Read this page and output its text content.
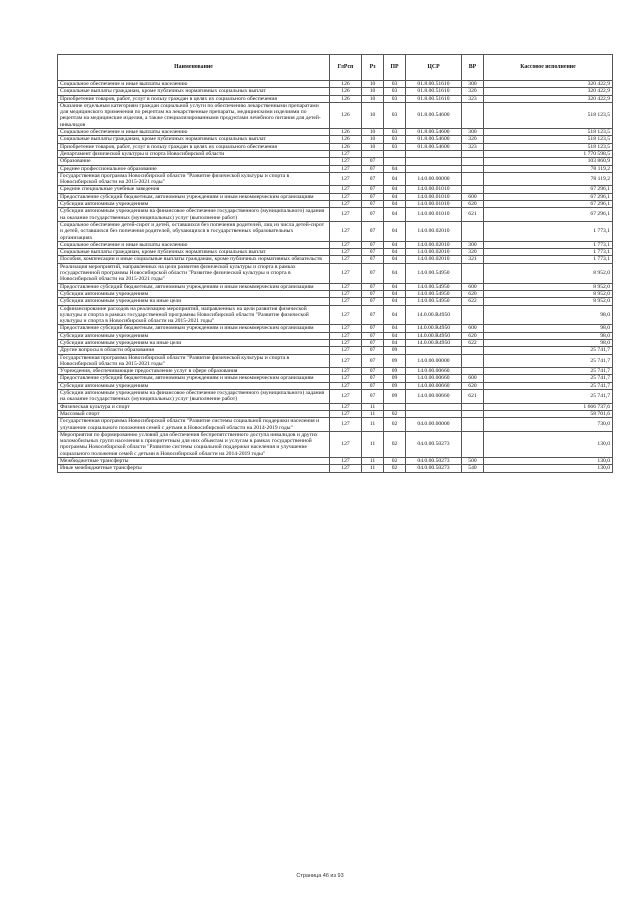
Наименование	ГлРсп	Рз	ПР	ЦСР	ВР	Кассовое исполнение
Социальное обеспечение и иные выплаты населению	126	10	03	01.8.00.51610	300	320 422,9
Социальные выплаты гражданам, кроме публичных нормативных социальных выплат	126	10	03	01.8.00.51610	320	320 422,9
Приобретение товаров, работ, услуг в пользу граждан в целях их социального обеспечения	126	10	03	01.8.00.51610	323	320 422,9
Оказание отдельным категориям граждан социальной услуги по обеспечению лекарственными препаратами для медицинского применения по рецептам на лекарственные препараты, медицинскими изделиями по рецептам на медицинские изделия, а также специализированными продуктами лечебного питания для детей-инвалидов	126	10	03	01.8.00.54600		518 123,5
Социальное обеспечение и иные выплаты населению	126	10	03	01.8.00.54600	300	518 123,5
Социальные выплаты гражданам, кроме публичных нормативных социальных выплат	126	10	03	01.8.00.54600	320	518 123,5
Приобретение товаров, работ, услуг в пользу граждан в целях их социального обеспечения	126	10	03	01.8.00.54600	323	518 123,5
Департамент физической культуры и спорта Новосибирской области	127					1 770 598,5
Образование	127	07				103 860,9
Среднее профессиональное образование	127	07	04			78 119,2
Государственная программа Новосибирской области "Развитие физической культуры и спорта в Новосибирской области на 2015-2021 годы"	127	07	04	14.0.00.00000		78 119,2
Средние специальные учебные заведения	127	07	04	14.0.00.01010		67 296,1
Предоставление субсидий бюджетным, автономным учреждениям и иным некоммерческим организациям	127	07	04	14.0.00.01010	600	67 296,1
Субсидии автономным учреждениям	127	07	04	14.0.00.01010	620	67 296,1
Субсидии автономным учреждениям на финансовое обеспечение государственного (муниципального) задания на оказание государственных (муниципальных) услуг (выполнение работ)	127	07	04	14.0.00.01010	621	67 296,1
Социальное обеспечение детей-сирот и детей, оставшихся без попечения родителей, лиц из числа детей-сирот и детей, оставшихся без попечения родителей, обучающихся в государственных образовательных организациях	127	07	04	14.0.00.02010		1 773,1
Социальное обеспечение и иные выплаты населению	127	07	04	14.0.00.02010	300	1 773,1
Социальные выплаты гражданам, кроме публичных нормативных социальных выплат	127	07	04	14.0.00.02010	320	1 773,1
Пособия, компенсации и иные социальные выплаты гражданам, кроме публичных нормативных обязательств	127	07	04	14.0.00.02010	321	1 773,1
Реализация мероприятий, направленных на цели развития физической культуры и спорта в рамках государственной программы Новосибирской области "Развитие физической культуры и спорта в Новосибирской области на 2015-2021 годы"	127	07	04	14.0.00.54950		8 952,0
Предоставление субсидий бюджетным, автономным учреждениям и иным некоммерческим организациям	127	07	04	14.0.00.54950	600	8 952,0
Субсидии автономным учреждениям	127	07	04	14.0.00.54950	620	8 952,0
Субсидии автономным учреждениям на иные цели	127	07	04	14.0.00.54950	622	8 952,0
Софинансирование расходов на реализацию мероприятий, направленных на цели развития физической культуры и спорта в рамках государственной программы Новосибирской области "Развитие физической культуры и спорта в Новосибирской области на 2015-2021 годы"	127	07	04	14.0.00.R4950		98,0
Предоставление субсидий бюджетным, автономным учреждениям и иным некоммерческим организациям	127	07	04	14.0.00.R4950	600	98,0
Субсидии автономным учреждениям	127	07	04	14.0.00.R4950	620	98,0
Субсидии автономным учреждениям на иные цели	127	07	04	14.0.00.R4950	622	98,0
Другие вопросы в области образования	127	07	09			25 741,7
Государственная программа Новосибирской области "Развитие физической культуры и спорта в Новосибирской области на 2015-2021 годы"	127	07	09	14.0.00.00000		25 741,7
Учреждения, обеспечивающие предоставление услуг в сфере образования	127	07	09	14.0.00.00660		25 741,7
Предоставление субсидий бюджетным, автономным учреждениям и иным некоммерческим организациям	127	07	09	14.0.00.00660	600	25 741,7
Субсидии автономным учреждениям	127	07	09	14.0.00.00660	620	25 741,7
Субсидии автономным учреждениям на финансовое обеспечение государственного (муниципального) задания на оказание государственных (муниципальных) услуг (выполнение работ)	127	07	09	14.0.00.00660	621	25 741,7
Физическая культура и спорт	127	11				1 666 737,6
Массовый спорт	127	11	02			58 701,6
Государственная программа Новосибирской области "Развитие системы социальной поддержки населения и улучшение социального положения семей с детьми в Новосибирской области на 2014-2019 годы"	127	11	02	04.0.00.00000		730,0
Мероприятия по формированию условий для обеспечения беспрепятственного доступа инвалидов и других маломобильных групп населения к приоритетным для них объектам и услугам в рамках государственной программы Новосибирской области "Развитие системы социальной поддержки населения и улучшение социального положения семей с детьми в Новосибирской области на 2014-2019 годы"	127	11	02	04.0.00.50273		130,0
Межбюджетные трансферты	127	11	02	04.0.00.50273	500	130,0
Иные межбюджетные трансферты	127	11	02	04.0.00.50273	540	130,0
Страница 46 из 93
